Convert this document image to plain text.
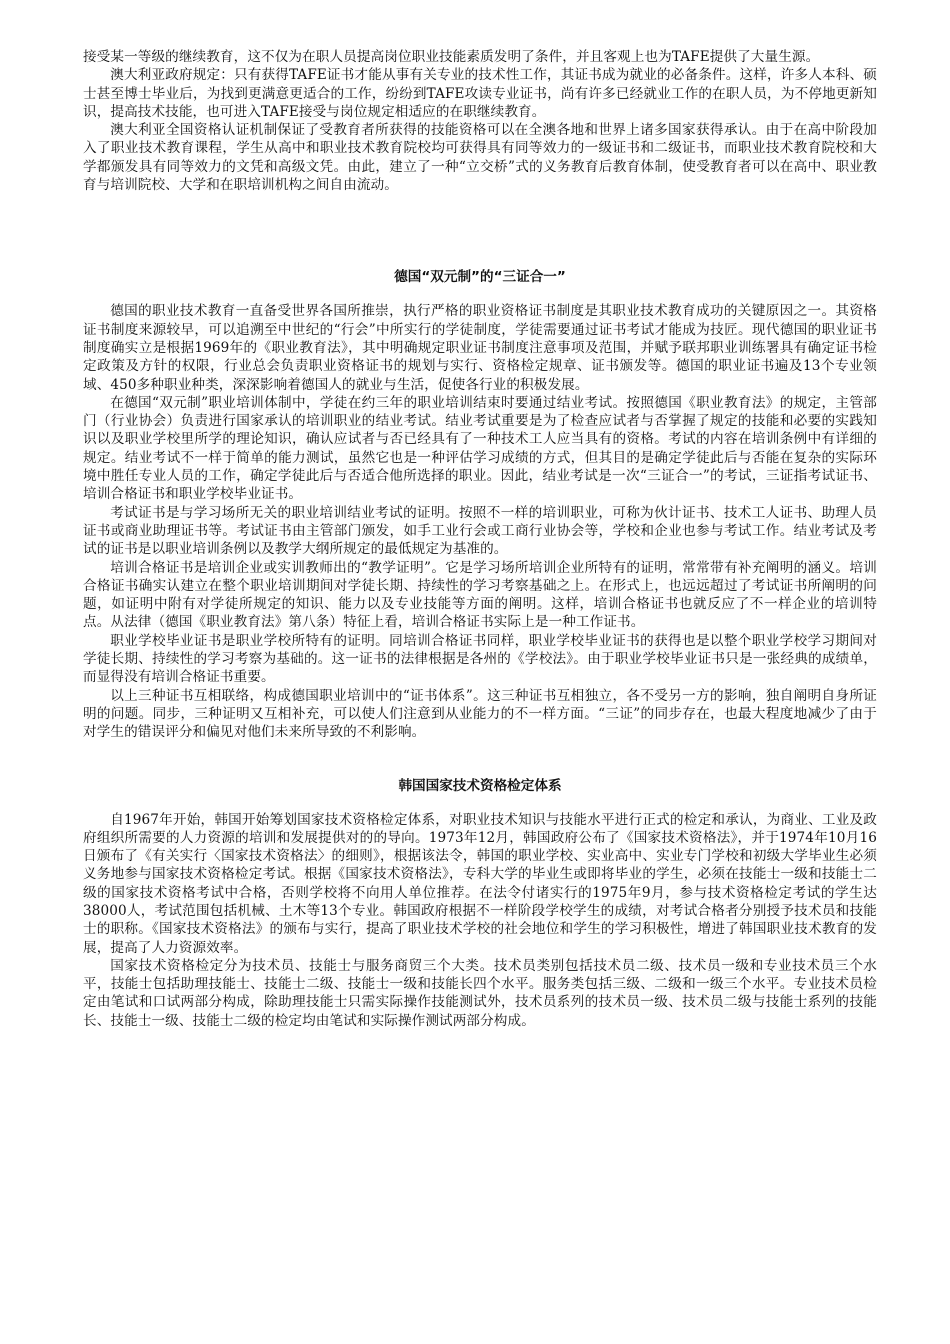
接受某一等级的继续教育，这不仅为在职人员提高岗位职业技能素质发明了条件，并且客观上也为TAFE提供了大量生源。

澳大利亚政府规定：只有获得TAFE证书才能从事有关专业的技术性工作，其证书成为就业的必备条件。这样，许多人本科、硕士甚至博士毕业后，为找到更满意更适合的工作，纷纷到TAFE攻读专业证书，尚有许多已经就业工作的在职人员，为不停地更新知识，提高技术技能，也可进入TAFE接受与岗位规定相适应的在职继续教育。

澳大利亚全国资格认证机制保证了受教育者所获得的技能资格可以在全澳各地和世界上诸多国家获得承认。由于在高中阶段加入了职业技术教育课程，学生从高中和职业技术教育院校均可获得具有同等效力的一级证书和二级证书，而职业技术教育院校和大学都颁发具有同等效力的文凭和高级文凭。由此，建立了一种“立交桥”式的义务教育后教育体制，使受教育者可以在高中、职业教育与培训院校、大学和在职培训机构之间自由流动。

德国“双元制”的“三证合一”

德国的职业技术教育一直备受世界各国所推崇，执行严格的职业资格证书制度是其职业技术教育成功的关键原因之一。其资格证书制度来源较早，可以追溯至中世纪的“行会”中所实行的学徒制度，学徒需要通过证书考试才能成为技匠。现代德国的职业证书制度确实立是根据1969年的《职业教育法》，其中明确规定职业证书制度注意事项及范围，并赋予联邦职业训练署具有确定证书检定政策及方针的权限，行业总会负责职业资格证书的规划与实行、资格检定规章、证书颁发等。德国的职业证书遍及13个专业领域、450多种职业种类，深深影响着德国人的就业与生活，促使各行业的积极发展。

在德国“双元制”职业培训体制中，学徒在约三年的职业培训结束时要通过结业考试。按照德国《职业教育法》的规定，主管部门（行业协会）负责进行国家承认的培训职业的结业考试。结业考试重要是为了检查应试者与否掌握了规定的技能和必要的实践知识以及职业学校里所学的理论知识，确认应试者与否已经具有了一种技术工人应当具有的资格。考试的内容在培训条例中有详细的规定。结业考试不一样于简单的能力测试，虽然它也是一种评估学习成绩的方式，但其目的是确定学徒此后与否能在复杂的实际环境中胜任专业人员的工作，确定学徒此后与否适合他所选择的职业。因此，结业考试是一次“三证合一”的考试，三证指考试证书、培训合格证书和职业学校毕业证书。

考试证书是与学习场所无关的职业培训结业考试的证明。按照不一样的培训职业，可称为伙计证书、技术工人证书、助理人员证书或商业助理证书等。考试证书由主管部门颁发，如手工业行会或工商行业协会等，学校和企业也参与考试工作。结业考试及考试的证书是以职业培训条例以及教学大纲所规定的最低规定为基准的。

培训合格证书是培训企业或实训教师出的“教学证明”。它是学习场所培训企业所特有的证明，常常带有补充阐明的涵义。培训合格证书确实认建立在整个职业培训期间对学徒长期、持续性的学习考察基础之上。在形式上，也远远超过了考试证书所阐明的问题，如证明中附有对学徒所规定的知识、能力以及专业技能等方面的阐明。这样，培训合格证书也就反应了不一样企业的培训特点。从法律（德国《职业教育法》第八条）特征上看，培训合格证书实际上是一种工作证书。

职业学校毕业证书是职业学校所特有的证明。同培训合格证书同样，职业学校毕业证书的获得也是以整个职业学校学习期间对学徒长期、持续性的学习考察为基础的。这一证书的法律根据是各州的《学校法》。由于职业学校毕业证书只是一张经典的成绩单，而显得没有培训合格证书重要。

以上三种证书互相联络，构成德国职业培训中的“证书体系”。这三种证书互相独立，各不受另一方的影响，独自阐明自身所证明的问题。同步，三种证明又互相补充，可以使人们注意到从业能力的不一样方面。“三证”的同步存在，也最大程度地减少了由于对学生的错误评分和偏见对他们未来所导致的不利影响。

韩国国家技术资格检定体系

自1967年开始，韩国开始筹划国家技术资格检定体系，对职业技术知识与技能水平进行正式的检定和承认，为商业、工业及政府组织所需要的人力资源的培训和发展提供对的的导向。1973年12月，韩国政府公布了《国家技术资格法》，并于1974年10月16日颁布了《有关实行〈国家技术资格法〉的细则》，根据该法令，韩国的职业学校、实业高中、实业专门学校和初级大学毕业生必须义务地参与国家技术资格检定考试。根据《国家技术资格法》，专科大学的毕业生或即将毕业的学生，必须在技能士一级和技能士二级的国家技术资格考试中合格，否则学校将不向用人单位推荐。在法令付诸实行的1975年9月，参与技术资格检定考试的学生达38000人，考试范围包括机械、土木等13个专业。韩国政府根据不一样阶段学校学生的成绩，对考试合格者分别授予技术员和技能士的职称。《国家技术资格法》的颁布与实行，提高了职业技术学校的社会地位和学生的学习积极性，增进了韩国职业技术教育的发展，提高了人力资源效率。

国家技术资格检定分为技术员、技能士与服务商贸三个大类。技术员类别包括技术员二级、技术员一级和专业技术员三个水平，技能士包括助理技能士、技能士二级、技能士一级和技能长四个水平。服务类包括三级、二级和一级三个水平。专业技术员检定由笔试和口试两部分构成，除助理技能士只需实际操作技能测试外，技术员系列的技术员一级、技术员二级与技能士系列的技能长、技能士一级、技能士二级的检定均由笔试和实际操作测试两部分构成。
